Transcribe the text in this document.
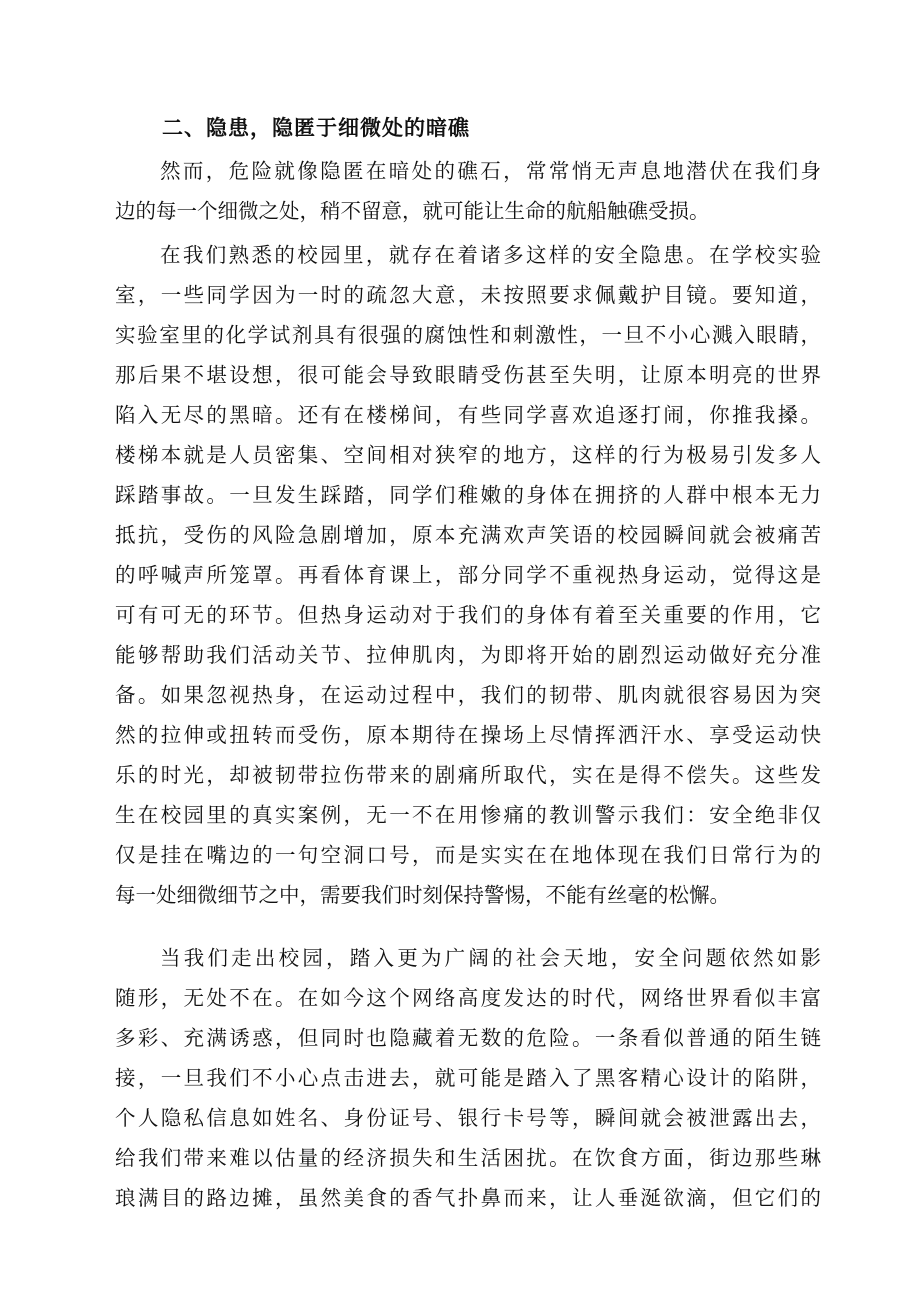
二、隐患，隐匿于细微处的暗礁
然而，危险就像隐匿在暗处的礁石，常常悄无声息地潜伏在我们身
边的每一个细微之处，稍不留意，就可能让生命的航船触礁受损。
在我们熟悉的校园里，就存在着诸多这样的安全隐患。在学校实验
室，一些同学因为一时的疏忽大意，未按照要求佩戴护目镜。要知道，
实验室里的化学试剂具有很强的腐蚀性和刺激性，一旦不小心溅入眼睛，
那后果不堪设想，很可能会导致眼睛受伤甚至失明，让原本明亮的世界
陷入无尽的黑暗。还有在楼梯间，有些同学喜欢追逐打闹，你推我搡。
楼梯本就是人员密集、空间相对狭窄的地方，这样的行为极易引发多人
踩踏事故。一旦发生踩踏，同学们稚嫩的身体在拥挤的人群中根本无力
抵抗，受伤的风险急剧增加，原本充满欢声笑语的校园瞬间就会被痛苦
的呼喊声所笼罩。再看体育课上，部分同学不重视热身运动，觉得这是
可有可无的环节。但热身运动对于我们的身体有着至关重要的作用，它
能够帮助我们活动关节、拉伸肌肉，为即将开始的剧烈运动做好充分准
备。如果忽视热身，在运动过程中，我们的韧带、肌肉就很容易因为突
然的拉伸或扭转而受伤，原本期待在操场上尽情挥洒汗水、享受运动快
乐的时光，却被韧带拉伤带来的剧痛所取代，实在是得不偿失。这些发
生在校园里的真实案例，无一不在用惨痛的教训警示我们：安全绝非仅
仅是挂在嘴边的一句空洞口号，而是实实在在地体现在我们日常行为的
每一处细微细节之中，需要我们时刻保持警惕，不能有丝毫的松懈。
当我们走出校园，踏入更为广阔的社会天地，安全问题依然如影
随形，无处不在。在如今这个网络高度发达的时代，网络世界看似丰富
多彩、充满诱惑，但同时也隐藏着无数的危险。一条看似普通的陌生链
接，一旦我们不小心点击进去，就可能是踏入了黑客精心设计的陷阱，
个人隐私信息如姓名、身份证号、银行卡号等，瞬间就会被泄露出去，
给我们带来难以估量的经济损失和生活困扰。在饮食方面，街边那些琳
琅满目的路边摊，虽然美食的香气扑鼻而来，让人垂涎欲滴，但它们的
